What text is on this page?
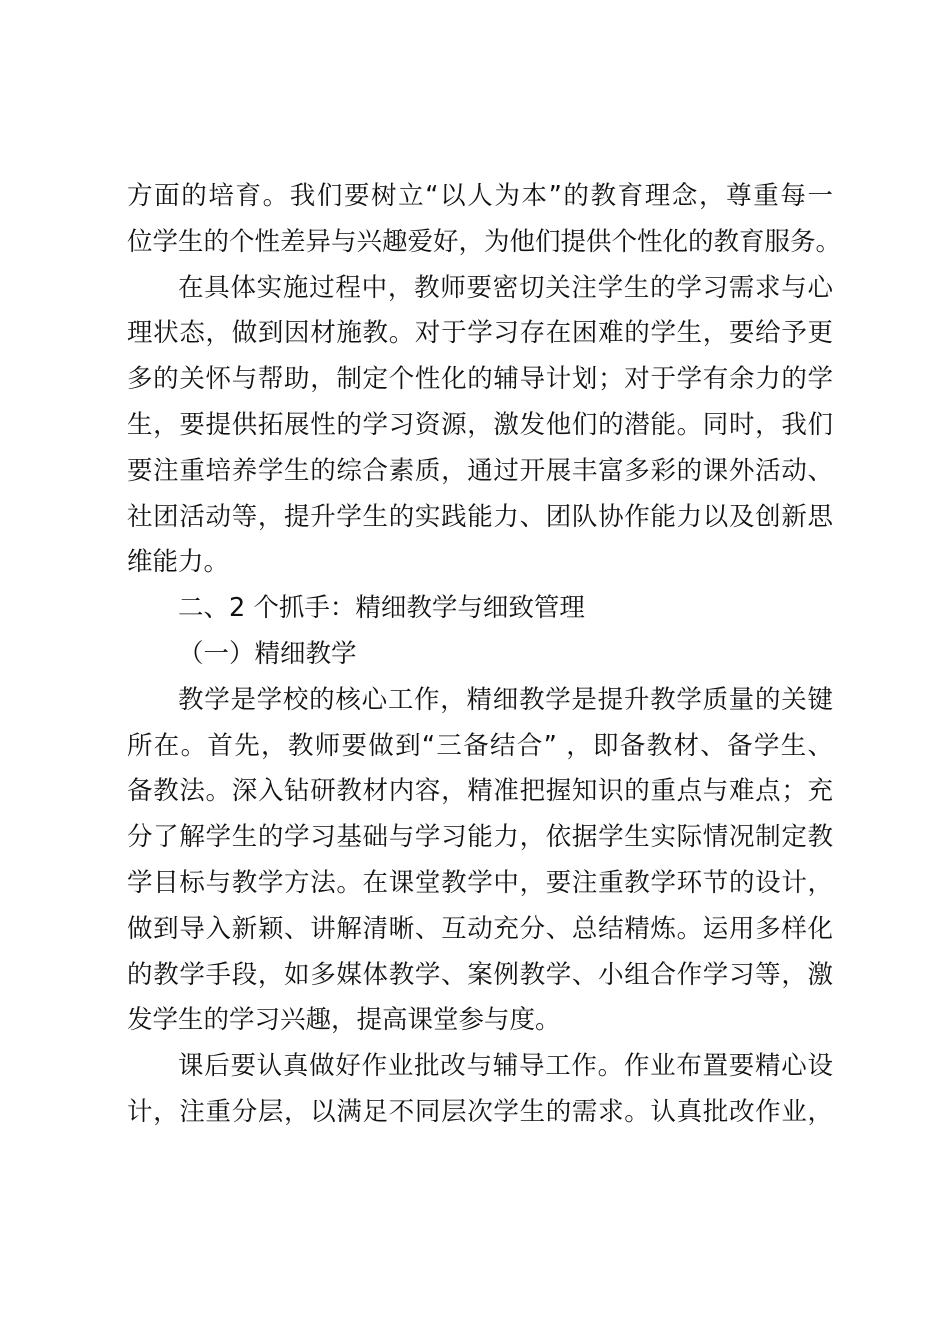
方面的培育。我们要树立“以人为本”的教育理念，尊重每一
位学生的个性差异与兴趣爱好，为他们提供个性化的教育服务。
在具体实施过程中，教师要密切关注学生的学习需求与心
理状态，做到因材施教。对于学习存在困难的学生，要给予更
多的关怀与帮助，制定个性化的辅导计划；对于学有余力的学
生，要提供拓展性的学习资源，激发他们的潜能。同时，我们
要注重培养学生的综合素质，通过开展丰富多彩的课外活动、
社团活动等，提升学生的实践能力、团队协作能力以及创新思
维能力。
二、2 个抓手：精细教学与细致管理
（一）精细教学
教学是学校的核心工作，精细教学是提升教学质量的关键
所在。首先，教师要做到“三备结合” ，即备教材、备学生、
备教法。深入钻研教材内容，精准把握知识的重点与难点；充
分了解学生的学习基础与学习能力，依据学生实际情况制定教
学目标与教学方法。在课堂教学中，要注重教学环节的设计，
做到导入新颖、讲解清晰、互动充分、总结精炼。运用多样化
的教学手段，如多媒体教学、案例教学、小组合作学习等，激
发学生的学习兴趣，提高课堂参与度。
课后要认真做好作业批改与辅导工作。作业布置要精心设
计，注重分层，以满足不同层次学生的需求。认真批改作业，
